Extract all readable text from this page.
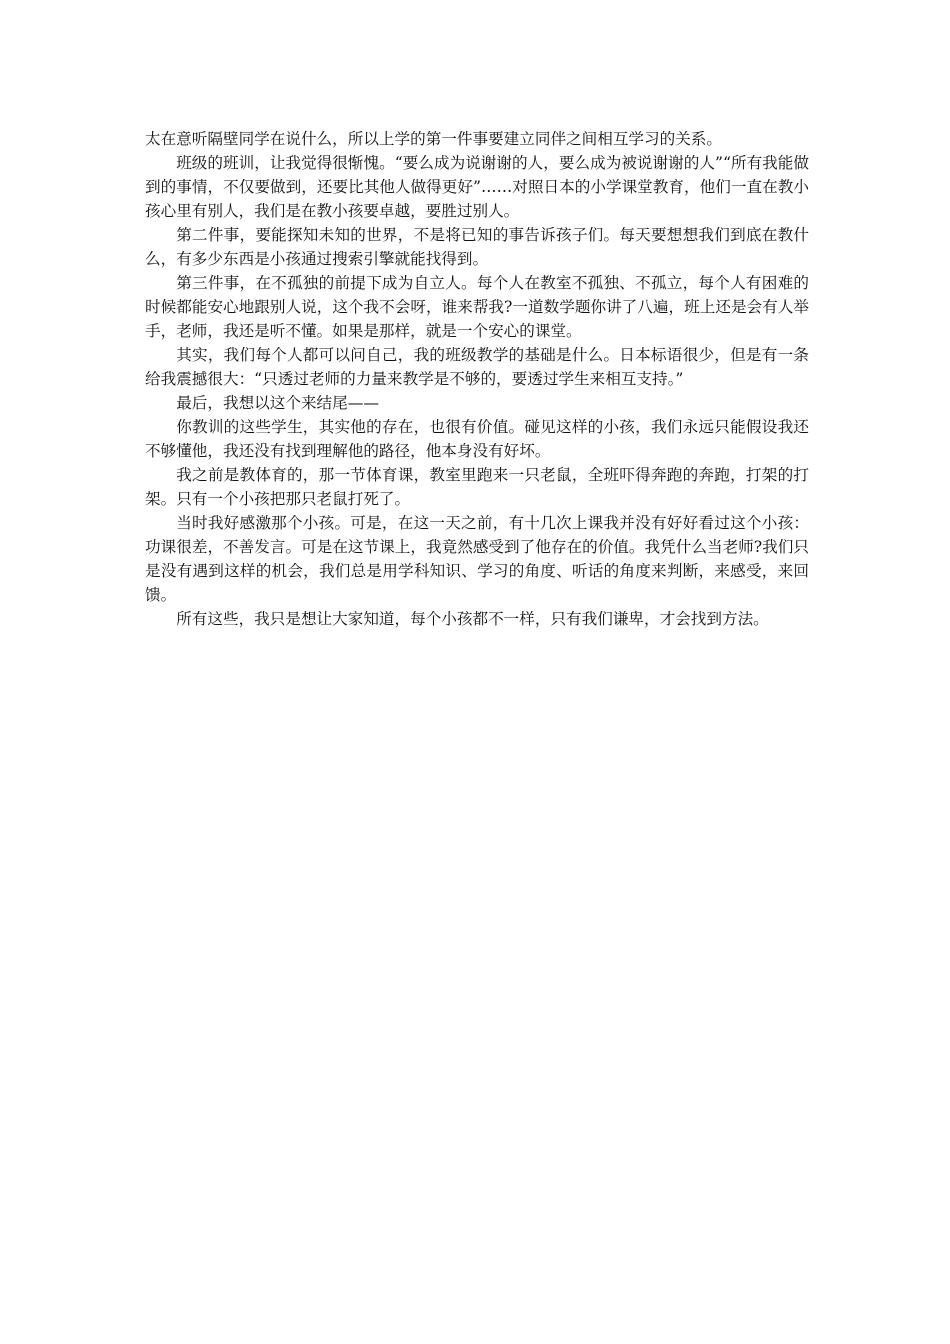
太在意听隔壁同学在说什么，所以上学的第一件事要建立同伴之间相互学习的关系。

班级的班训，让我觉得很惭愧。“要么成为说谢谢的人，要么成为被说谢谢的人”“所有我能做到的事情，不仅要做到，还要比其他人做得更好”……对照日本的小学课堂教育，他们一直在教小孩心里有别人，我们是在教小孩要卓越，要胜过别人。

第二件事，要能探知未知的世界，不是将已知的事告诉孩子们。每天要想想我们到底在教什么，有多少东西是小孩通过搜索引擎就能找得到。

第三件事，在不孤独的前提下成为自立人。每个人在教室不孤独、不孤立，每个人有困难的时候都能安心地跟别人说，这个我不会呀，谁来帮我?一道数学题你讲了八遍，班上还是会有人举手，老师，我还是听不懂。如果是那样，就是一个安心的课堂。

其实，我们每个人都可以问自己，我的班级教学的基础是什么。日本标语很少，但是有一条给我震撼很大：“只透过老师的力量来教学是不够的，要透过学生来相互支持。”

最后，我想以这个来结尾——

你教训的这些学生，其实他的存在，也很有价值。碰见这样的小孩，我们永远只能假设我还不够懂他，我还没有找到理解他的路径，他本身没有好坏。

我之前是教体育的，那一节体育课，教室里跑来一只老鼠，全班吓得奔跑的奔跑，打架的打架。只有一个小孩把那只老鼠打死了。

当时我好感激那个小孩。可是，在这一天之前，有十几次上课我并没有好好看过这个小孩：功课很差，不善发言。可是在这节课上，我竟然感受到了他存在的价值。我凭什么当老师?我们只是没有遇到这样的机会，我们总是用学科知识、学习的角度、听话的角度来判断，来感受，来回馈。

所有这些，我只是想让大家知道，每个小孩都不一样，只有我们谦卑，才会找到方法。
